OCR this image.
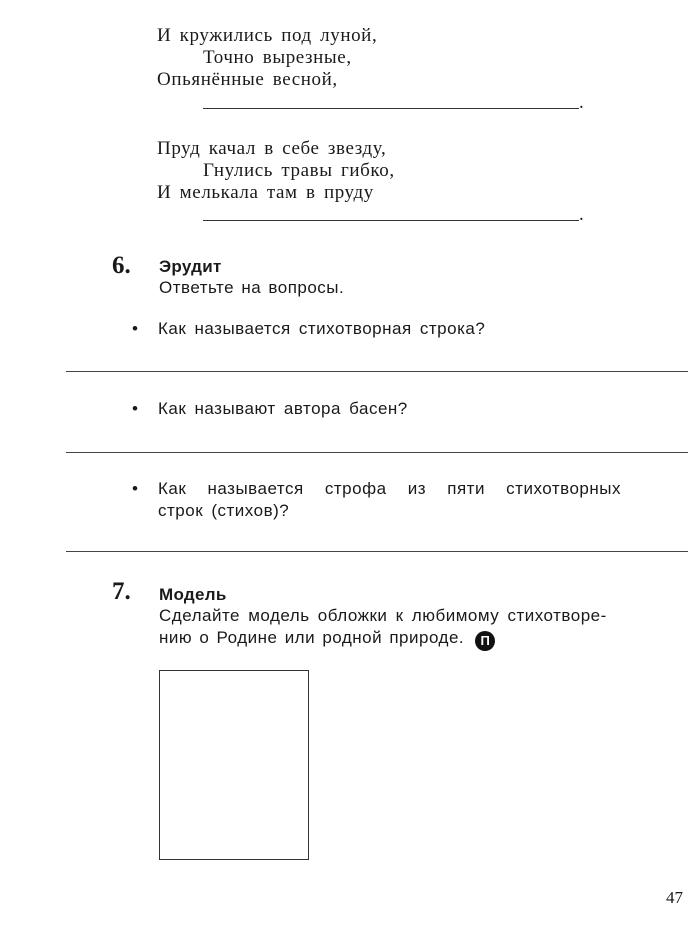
И кружились под луной,
Точно вырезные,
Опьянённые весной,
.
Пруд качал в себе звезду,
Гнулись травы гибко,
И мелькала там в пруду
.
6. Эрудит
Ответьте на вопросы.
• Как называется стихотворная строка?
• Как называют автора басен?
• Как называется строфа из пяти стихотворных
строк (стихов)?
7. Модель
Сделайте модель обложки к любимому стихотворе-
нию о Родине или родной природе. П
47
